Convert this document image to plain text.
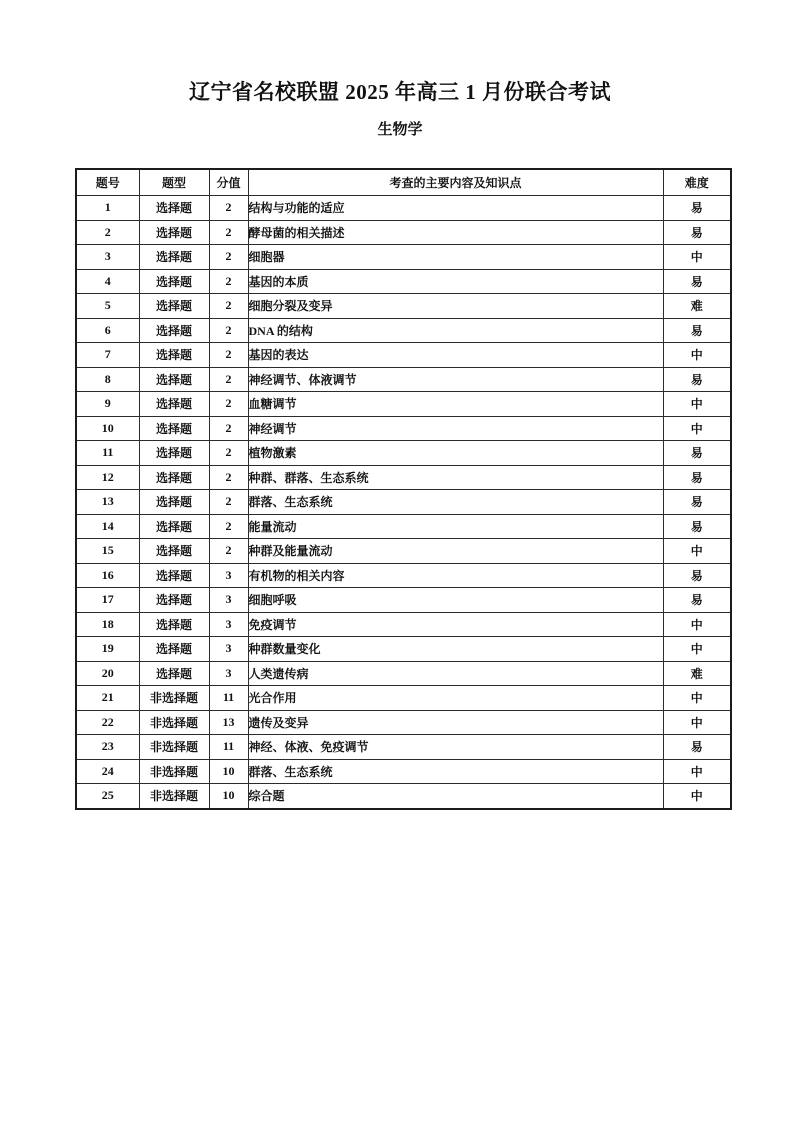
辽宁省名校联盟 2025 年高三 1 月份联合考试
生物学
题号	题型	分值	考查的主要内容及知识点	难度
1	选择题	2	结构与功能的适应	易
2	选择题	2	酵母菌的相关描述	易
3	选择题	2	细胞器	中
4	选择题	2	基因的本质	易
5	选择题	2	细胞分裂及变异	难
6	选择题	2	DNA 的结构	易
7	选择题	2	基因的表达	中
8	选择题	2	神经调节、体液调节	易
9	选择题	2	血糖调节	中
10	选择题	2	神经调节	中
11	选择题	2	植物激素	易
12	选择题	2	种群、群落、生态系统	易
13	选择题	2	群落、生态系统	易
14	选择题	2	能量流动	易
15	选择题	2	种群及能量流动	中
16	选择题	3	有机物的相关内容	易
17	选择题	3	细胞呼吸	易
18	选择题	3	免疫调节	中
19	选择题	3	种群数量变化	中
20	选择题	3	人类遗传病	难
21	非选择题	11	光合作用	中
22	非选择题	13	遗传及变异	中
23	非选择题	11	神经、体液、免疫调节	易
24	非选择题	10	群落、生态系统	中
25	非选择题	10	综合题	中
